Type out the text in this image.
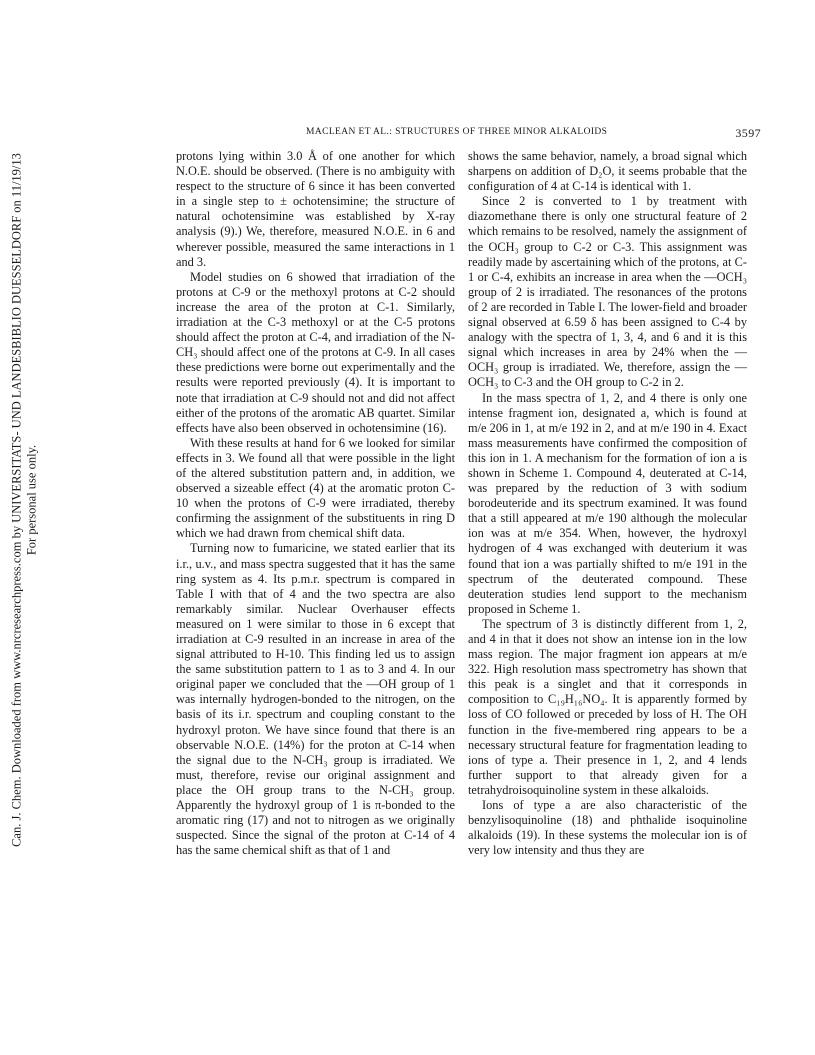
Can. J. Chem. Downloaded from www.nrcresearchpress.com by UNIVERSITATS- UND LANDESBIBLIO DUESSELDORF on 11/19/13 For personal use only.
MACLEAN ET AL.: STRUCTURES OF THREE MINOR ALKALOIDS	3597

protons lying within 3.0 Å of one another for which N.O.E. should be observed. (There is no ambiguity with respect to the structure of 6 since it has been converted in a single step to ± ochotensimine; the structure of natural ochotensimine was established by X-ray analysis (9).) We, therefore, measured N.O.E. in 6 and wherever possible, measured the same interactions in 1 and 3.

Model studies on 6 showed that irradiation of the protons at C-9 or the methoxyl protons at C-2 should increase the area of the proton at C-1. Similarly, irradiation at the C-3 methoxyl or at the C-5 protons should affect the proton at C-4, and irradiation of the N-CH₃ should affect one of the protons at C-9. In all cases these predictions were borne out experimentally and the results were reported previously (4). It is important to note that irradiation at C-9 should not and did not affect either of the protons of the aromatic AB quartet. Similar effects have also been observed in ochotensimine (16).

With these results at hand for 6 we looked for similar effects in 3. We found all that were possible in the light of the altered substitution pattern and, in addition, we observed a sizeable effect (4) at the aromatic proton C-10 when the protons of C-9 were irradiated, thereby confirming the assignment of the substituents in ring D which we had drawn from chemical shift data.

Turning now to fumaricine, we stated earlier that its i.r., u.v., and mass spectra suggested that it has the same ring system as 4. Its p.m.r. spectrum is compared in Table I with that of 4 and the two spectra are also remarkably similar. Nuclear Overhauser effects measured on 1 were similar to those in 6 except that irradiation at C-9 resulted in an increase in area of the signal attributed to H-10. This finding led us to assign the same substitution pattern to 1 as to 3 and 4. In our original paper we concluded that the —OH group of 1 was internally hydrogen-bonded to the nitrogen, on the basis of its i.r. spectrum and coupling constant to the hydroxyl proton. We have since found that there is an observable N.O.E. (14%) for the proton at C-14 when the signal due to the N-CH₃ group is irradiated. We must, therefore, revise our original assignment and place the OH group trans to the N-CH₃ group. Apparently the hydroxyl group of 1 is π-bonded to the aromatic ring (17) and not to nitrogen as we originally suspected. Since the signal of the proton at C-14 of 4 has the same chemical shift as that of 1 and

shows the same behavior, namely, a broad signal which sharpens on addition of D₂O, it seems probable that the configuration of 4 at C-14 is identical with 1.

Since 2 is converted to 1 by treatment with diazomethane there is only one structural feature of 2 which remains to be resolved, namely the assignment of the OCH₃ group to C-2 or C-3. This assignment was readily made by ascertaining which of the protons, at C-1 or C-4, exhibits an increase in area when the —OCH₃ group of 2 is irradiated. The resonances of the protons of 2 are recorded in Table I. The lower-field and broader signal observed at 6.59 δ has been assigned to C-4 by analogy with the spectra of 1, 3, 4, and 6 and it is this signal which increases in area by 24% when the —OCH₃ group is irradiated. We, therefore, assign the —OCH₃ to C-3 and the OH group to C-2 in 2.

In the mass spectra of 1, 2, and 4 there is only one intense fragment ion, designated a, which is found at m/e 206 in 1, at m/e 192 in 2, and at m/e 190 in 4. Exact mass measurements have confirmed the composition of this ion in 1. A mechanism for the formation of ion a is shown in Scheme 1. Compound 4, deuterated at C-14, was prepared by the reduction of 3 with sodium borodeuteride and its spectrum examined. It was found that a still appeared at m/e 190 although the molecular ion was at m/e 354. When, however, the hydroxyl hydrogen of 4 was exchanged with deuterium it was found that ion a was partially shifted to m/e 191 in the spectrum of the deuterated compound. These deuteration studies lend support to the mechanism proposed in Scheme 1.

The spectrum of 3 is distinctly different from 1, 2, and 4 in that it does not show an intense ion in the low mass region. The major fragment ion appears at m/e 322. High resolution mass spectrometry has shown that this peak is a singlet and that it corresponds in composition to C₁₉H₁₆NO₄. It is apparently formed by loss of CO followed or preceded by loss of H. The OH function in the five-membered ring appears to be a necessary structural feature for fragmentation leading to ions of type a. Their presence in 1, 2, and 4 lends further support to that already given for a tetrahydroisoquinoline system in these alkaloids.

Ions of type a are also characteristic of the benzylisoquinoline (18) and phthalide isoquinoline alkaloids (19). In these systems the molecular ion is of very low intensity and thus they are
